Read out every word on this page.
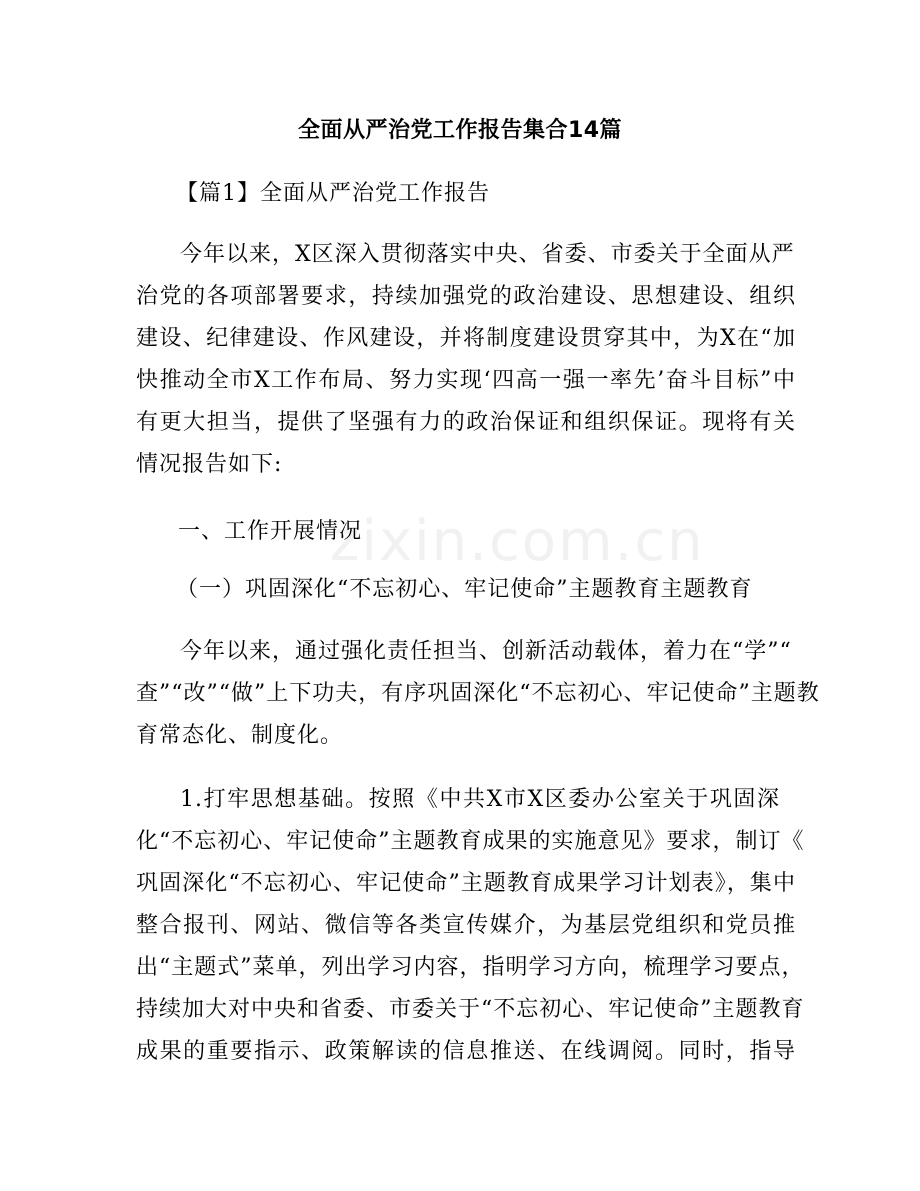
zixin.com.cn
全面从严治党工作报告集合14篇
【篇1】全面从严治党工作报告
今年以来，X区深入贯彻落实中央、省委、市委关于全面从严
治党的各项部署要求，持续加强党的政治建设、思想建设、组织
建设、纪律建设、作风建设，并将制度建设贯穿其中，为X在“加
快推动全市X工作布局、努力实现‘四高一强一率先’奋斗目标”中
有更大担当，提供了坚强有力的政治保证和组织保证。现将有关
情况报告如下:
一、工作开展情况
（一）巩固深化“不忘初心、牢记使命”主题教育主题教育
今年以来，通过强化责任担当、创新活动载体，着力在“学”“
查”“改”“做”上下功夫，有序巩固深化“不忘初心、牢记使命”主题教
育常态化、制度化。
1.打牢思想基础。按照《中共X市X区委办公室关于巩固深
化“不忘初心、牢记使命”主题教育成果的实施意见》要求，制订《
巩固深化“不忘初心、牢记使命”主题教育成果学习计划表》，集中
整合报刊、网站、微信等各类宣传媒介，为基层党组织和党员推
出“主题式”菜单，列出学习内容，指明学习方向，梳理学习要点，
持续加大对中央和省委、市委关于“不忘初心、牢记使命”主题教育
成果的重要指示、政策解读的信息推送、在线调阅。同时，指导
